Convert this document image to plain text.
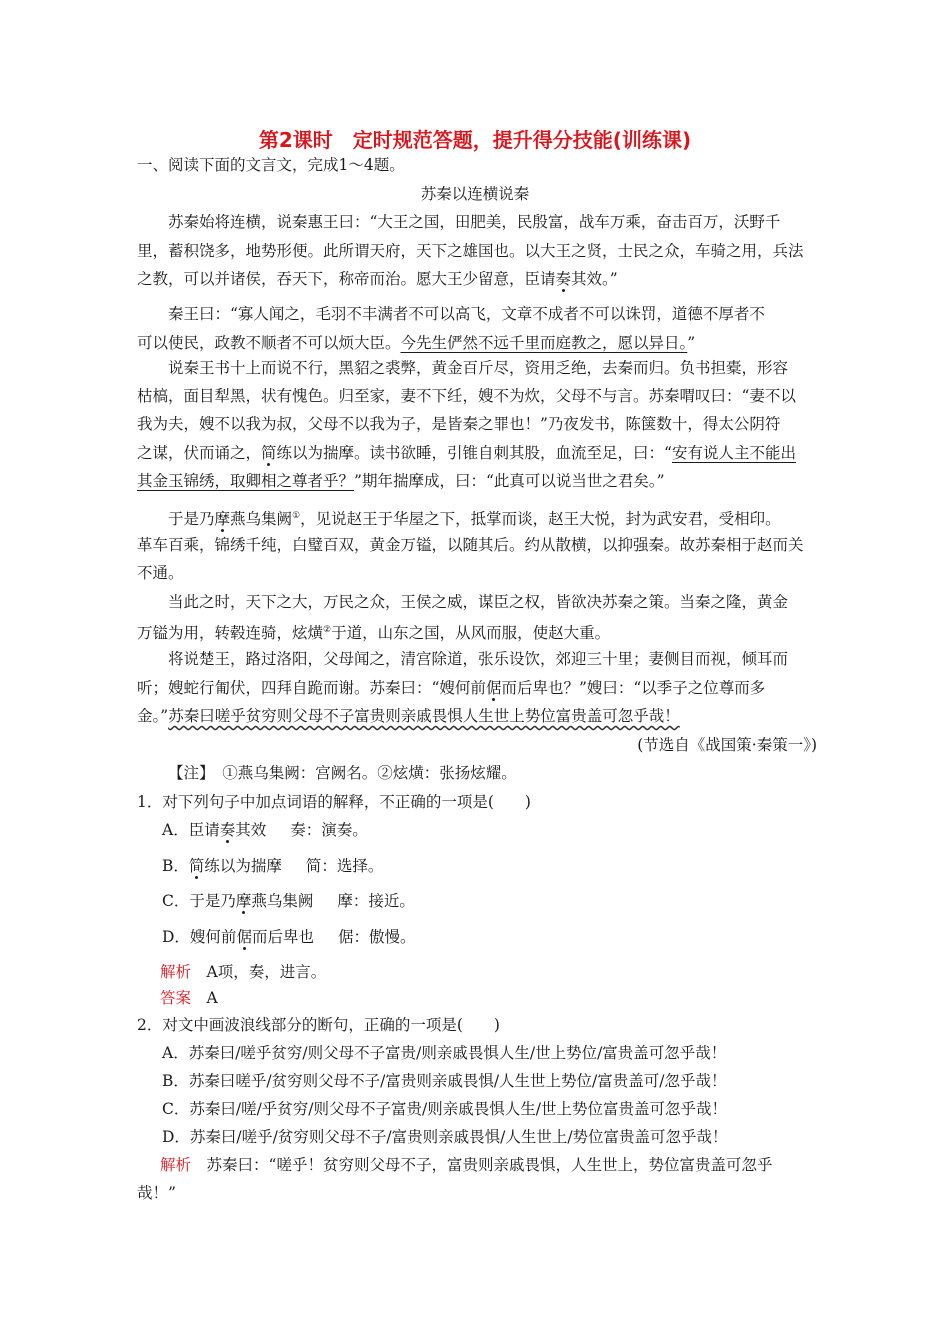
第2课时　定时规范答题，提升得分技能(训练课)
一、阅读下面的文言文，完成1～4题。
苏秦以连横说秦
苏秦始将连横，说秦惠王曰：“大王之国，田肥美，民殷富，战车万乘，奋击百万，沃野千
里，蓄积饶多，地势形便。此所谓天府，天下之雄国也。以大王之贤，士民之众，车骑之用，兵法
之教，可以并诸侯，吞天下，称帝而治。愿大王少留意，臣请奏其效。”
秦王曰：“寡人闻之，毛羽不丰满者不可以高飞，文章不成者不可以诛罚，道德不厚者不
可以使民，政教不顺者不可以烦大臣。今先生俨然不远千里而庭教之，愿以异日。”
说秦王书十上而说不行，黑貂之裘弊，黄金百斤尽，资用乏绝，去秦而归。负书担橐，形容
枯槁，面目犁黑，状有愧色。归至家，妻不下纴，嫂不为炊，父母不与言。苏秦喟叹曰：“妻不以
我为夫，嫂不以我为叔，父母不以我为子，是皆秦之罪也！”乃夜发书，陈箧数十，得太公阴符
之谋，伏而诵之，简练以为揣摩。读书欲睡，引锥自刺其股，血流至足，曰：“安有说人主不能出
其金玉锦绣，取卿相之尊者乎？”期年揣摩成，曰：“此真可以说当世之君矣。”
于是乃摩燕乌集阙①，见说赵王于华屋之下，抵掌而谈，赵王大悦，封为武安君，受相印。
革车百乘，锦绣千纯，白璧百双，黄金万镒，以随其后。约从散横，以抑强秦。故苏秦相于赵而关
不通。
当此之时，天下之大，万民之众，王侯之威，谋臣之权，皆欲决苏秦之策。当秦之隆，黄金
万镒为用，转毂连骑，炫熿②于道，山东之国，从风而服，使赵大重。
将说楚王，路过洛阳，父母闻之，清宫除道，张乐设饮，郊迎三十里；妻侧目而视，倾耳而
听；嫂蛇行匍伏，四拜自跪而谢。苏秦曰：“嫂何前倨而后卑也？”嫂曰：“以季子之位尊而多
金。”苏秦曰嗟乎贫穷则父母不子富贵则亲戚畏惧人生世上势位富贵盖可忽乎哉！
(节选自《战国策·秦策一》)
【注】　①燕乌集阙：宫阙名。②炫熿：张扬炫耀。
1．对下列句子中加点词语的解释，不正确的一项是(　　)
A．臣请奏其效 奏：演奏。
B．简练以为揣摩 简：选择。
C．于是乃摩燕乌集阙 摩：接近。
D．嫂何前倨而后卑也 倨：傲慢。
解析　A项，奏，进言。
答案　A
2．对文中画波浪线部分的断句，正确的一项是(　　)
A．苏秦曰/嗟乎贫穷/则父母不子富贵/则亲戚畏惧人生/世上势位/富贵盖可忽乎哉！
B．苏秦曰嗟乎/贫穷则父母不子/富贵则亲戚畏惧/人生世上势位/富贵盖可/忽乎哉！
C．苏秦曰/嗟/乎贫穷/则父母不子富贵/则亲戚畏惧人生/世上势位富贵盖可忽乎哉！
D．苏秦曰/嗟乎/贫穷则父母不子/富贵则亲戚畏惧/人生世上/势位富贵盖可忽乎哉！
解析　苏秦曰：“嗟乎！贫穷则父母不子，富贵则亲戚畏惧，人生世上，势位富贵盖可忽乎
哉！”
